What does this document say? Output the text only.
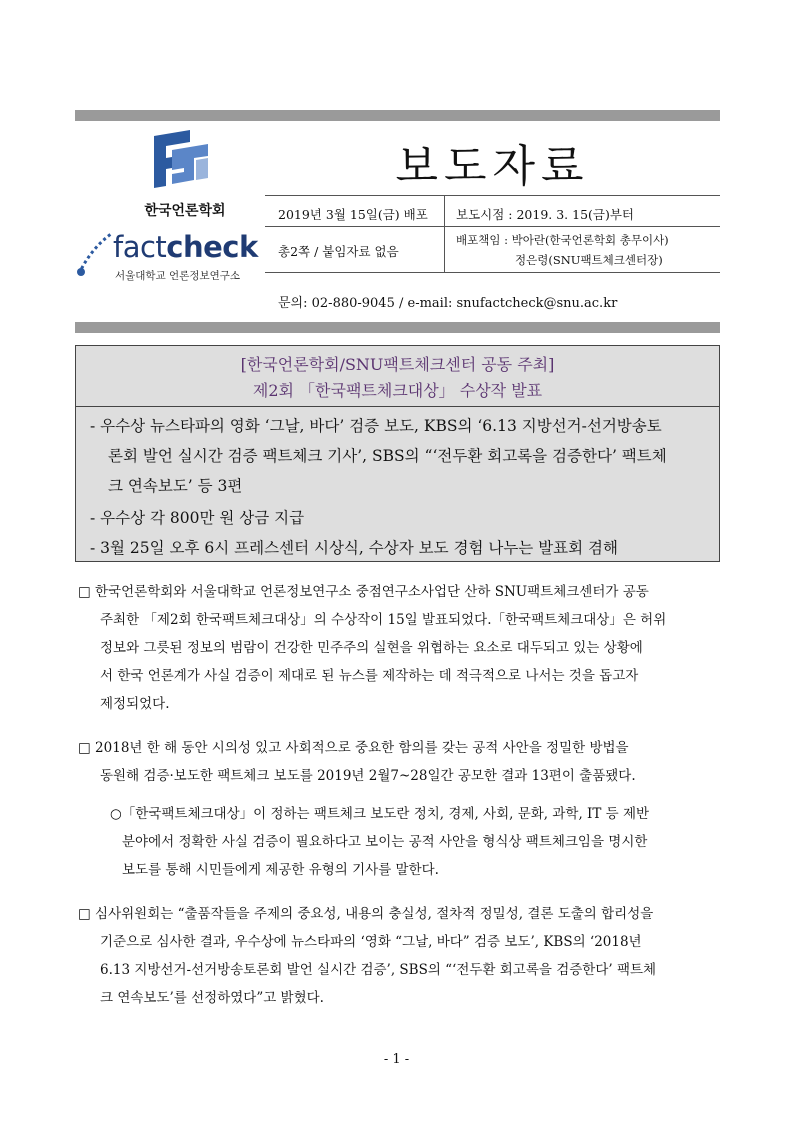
한국언론학회
factcheck
서울대학교 언론정보연구소
보도자료
2019년 3월 15일(금) 배포 보도시점 : 2019. 3. 15(금)부터
총2쪽 / 붙임자료 없음
배포책임 : 박아란(한국언론학회 총무이사)
정은령(SNU팩트체크센터장)
문의: 02-880-9045 / e-mail: snufactcheck@snu.ac.kr
[한국언론학회/SNU팩트체크센터 공동 주최]
제2회 「한국팩트체크대상」 수상작 발표
- 우수상 뉴스타파의 영화 ‘그날, 바다’ 검증 보도, KBS의 ‘6.13 지방선거-선거방송토
론회 발언 실시간 검증 팩트체크 기사’, SBS의 “‘전두환 회고록을 검증한다’ 팩트체
크 연속보도’ 등 3편
- 우수상 각 800만 원 상금 지급
- 3월 25일 오후 6시 프레스센터 시상식, 수상자 보도 경험 나누는 발표회 겸해
□ 한국언론학회와 서울대학교 언론정보연구소 중점연구소사업단 산하 SNU팩트체크센터가 공동
주최한 「제2회 한국팩트체크대상」의 수상작이 15일 발표되었다.「한국팩트체크대상」은 허위
정보와 그릇된 정보의 범람이 건강한 민주주의 실현을 위협하는 요소로 대두되고 있는 상황에
서 한국 언론계가 사실 검증이 제대로 된 뉴스를 제작하는 데 적극적으로 나서는 것을 돕고자
제정되었다.
□ 2018년 한 해 동안 시의성 있고 사회적으로 중요한 함의를 갖는 공적 사안을 정밀한 방법을
동원해 검증·보도한 팩트체크 보도를 2019년 2월7~28일간 공모한 결과 13편이 출품됐다.
○「한국팩트체크대상」이 정하는 팩트체크 보도란 정치, 경제, 사회, 문화, 과학, IT 등 제반
분야에서 정확한 사실 검증이 필요하다고 보이는 공적 사안을 형식상 팩트체크임을 명시한
보도를 통해 시민들에게 제공한 유형의 기사를 말한다.
□ 심사위원회는 “출품작들을 주제의 중요성, 내용의 충실성, 절차적 정밀성, 결론 도출의 합리성을
기준으로 심사한 결과, 우수상에 뉴스타파의 ‘영화 “그날, 바다” 검증 보도’, KBS의 ‘2018년
6.13 지방선거-선거방송토론회 발언 실시간 검증’, SBS의 “‘전두환 회고록을 검증한다’ 팩트체
크 연속보도’를 선정하였다”고 밝혔다.
- 1 -
